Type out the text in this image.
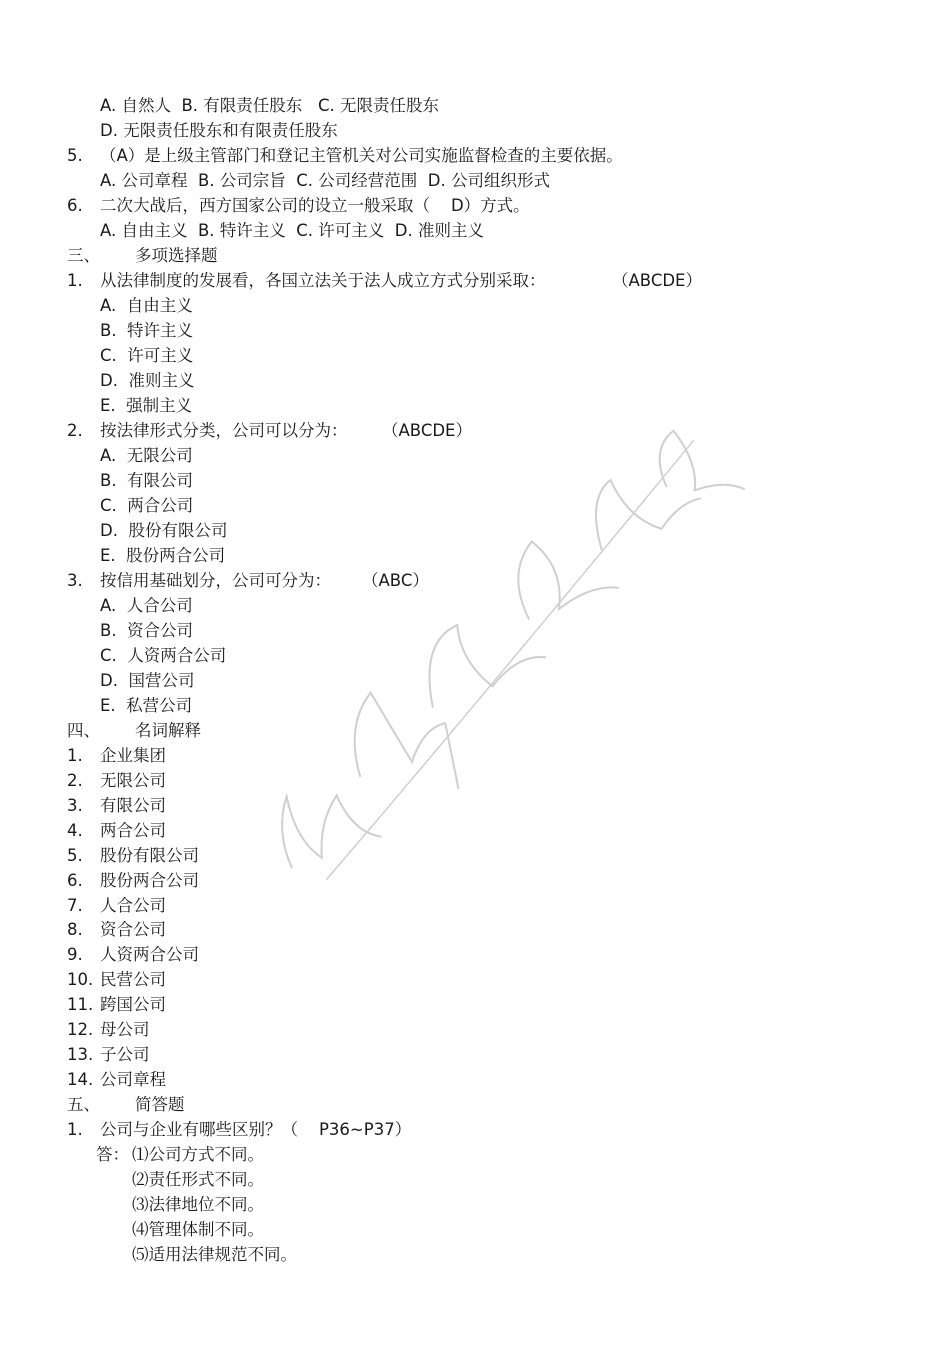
A. 自然人  B. 有限责任股东   C. 无限责任股东
D. 无限责任股东和有限责任股东
5. （A）是上级主管部门和登记主管机关对公司实施监督检查的主要依据。
A. 公司章程  B. 公司宗旨  C. 公司经营范围  D. 公司组织形式
6. 二次大战后，西方国家公司的设立一般采取（    D）方式。
A. 自由主义  B. 特许主义  C. 许可主义  D. 准则主义
三、 多项选择题
1. 从法律制度的发展看，各国立法关于法人成立方式分别采取：	（ABCDE）
A.  自由主义
B.  特许主义
C.  许可主义
D.  准则主义
E.  强制主义
2. 按法律形式分类，公司可以分为： （ABCDE）
A.  无限公司
B.  有限公司
C.  两合公司
D.  股份有限公司
E.  股份两合公司
3. 按信用基础划分，公司可分为： （ABC）
A.  人合公司
B.  资合公司
C.  人资两合公司
D.  国营公司
E.  私营公司
四、 名词解释
1. 企业集团
2. 无限公司
3. 有限公司
4. 两合公司
5. 股份有限公司
6. 股份两合公司
7. 人合公司
8. 资合公司
9. 人资两合公司
10. 民营公司
11. 跨国公司
12. 母公司
13. 子公司
14. 公司章程
五、 简答题
1. 公司与企业有哪些区别？（    P36~P37）
答： ⑴公司方式不同。
⑵责任形式不同。
⑶法律地位不同。
⑷管理体制不同。
⑸适用法律规范不同。
